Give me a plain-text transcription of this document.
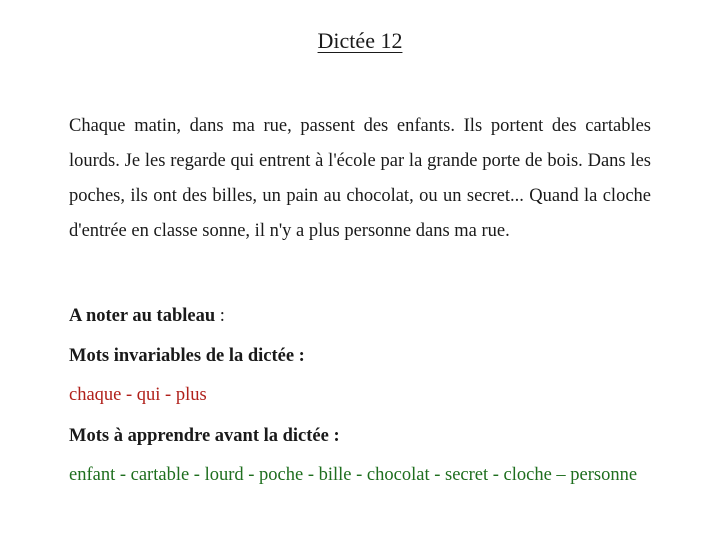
Dictée 12
Chaque matin, dans ma rue, passent des enfants. Ils portent des cartables lourds. Je les regarde qui entrent à l'école par la grande porte de bois. Dans les poches, ils ont des billes, un pain au chocolat, ou un secret... Quand la cloche d'entrée en classe sonne, il n'y a plus personne dans ma rue.
A noter au tableau :
Mots invariables de la dictée :
chaque - qui - plus
Mots à apprendre avant la dictée :
enfant - cartable - lourd - poche - bille - chocolat - secret - cloche – personne
